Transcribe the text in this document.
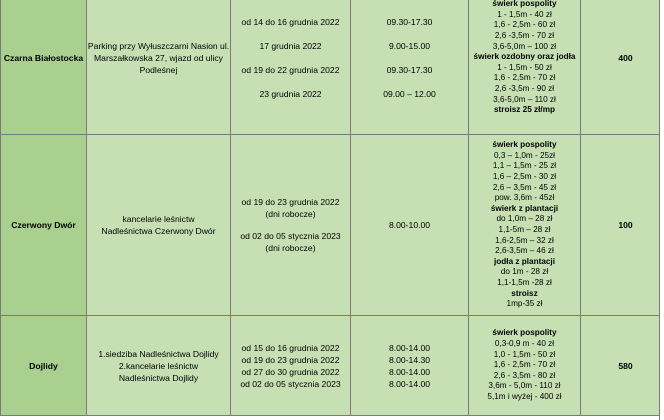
Czarna Białostocka
Parking przy Wyłuszczarni Nasion ul.
Marszałkowska 27, wjazd od ulicy
Podleśnej
od 14 do 16 grudnia 2022
17 grudnia 2022
od 19 do 22 grudnia 2022
23 grudnia 2022
09.30-17.30
9.00-15.00
09.30-17.30
09.00 – 12.00
świerk pospolity
1 - 1,5m - 40 zł
1,6 - 2,5m - 60 zł
2,6 -3,5m - 70 zł
3,6-5,0m – 100 zł
świerk ozdobny oraz jodła
1 - 1,5m - 50 zł
1,6 - 2,5m - 70 zł
2,6 -3,5m - 90 zł
3,6-5,0m – 110 zł
stroisz 25 zł/mp
400
Czerwony Dwór
kancelarie leśnictw
Nadleśnictwa Czerwony Dwór
od 19 do 23 grudnia 2022
(dni robocze)
od 02 do 05 stycznia 2023
(dni robocze)
8.00-10.00
świerk pospolity
0,3 – 1,0m - 25zł
1,1 – 1,5m - 25 zł
1,6 – 2,5m - 30 zł
2,6 – 3,5m - 45 zł
pow. 3,6m - 45zł
świerk z plantacji
do 1,0m – 28 zł
1,1-5m – 28 zł
1,6-2,5m – 32 zł
2,6-3,5m – 46 zł
jodła z plantacji
do 1m - 28 zł
1,1-1,5m -28 zł
stroisz
1mp-35 zł
100
Dojlidy
1.siedziba Nadleśnictwa Dojlidy
2.kancelarie leśnictw
Nadleśnictwa Dojlidy
od 15 do 16 grudnia 2022
od 19 do 23 grudnia 2022
od 27 do 30 grudnia 2022
od 02 do 05 stycznia 2023
8.00-14.00
8.00-14.30
8.00-14.00
8.00-14.00
świerk pospolity
0,3-0,9 m - 40 zł
1,0 - 1,5m - 50 zł
1,6 - 2,5m - 70 zł
2,6 - 3,5m - 80 zł
3,6m - 5,0m - 110 zł
5,1m i wyżej - 400 zł
580
